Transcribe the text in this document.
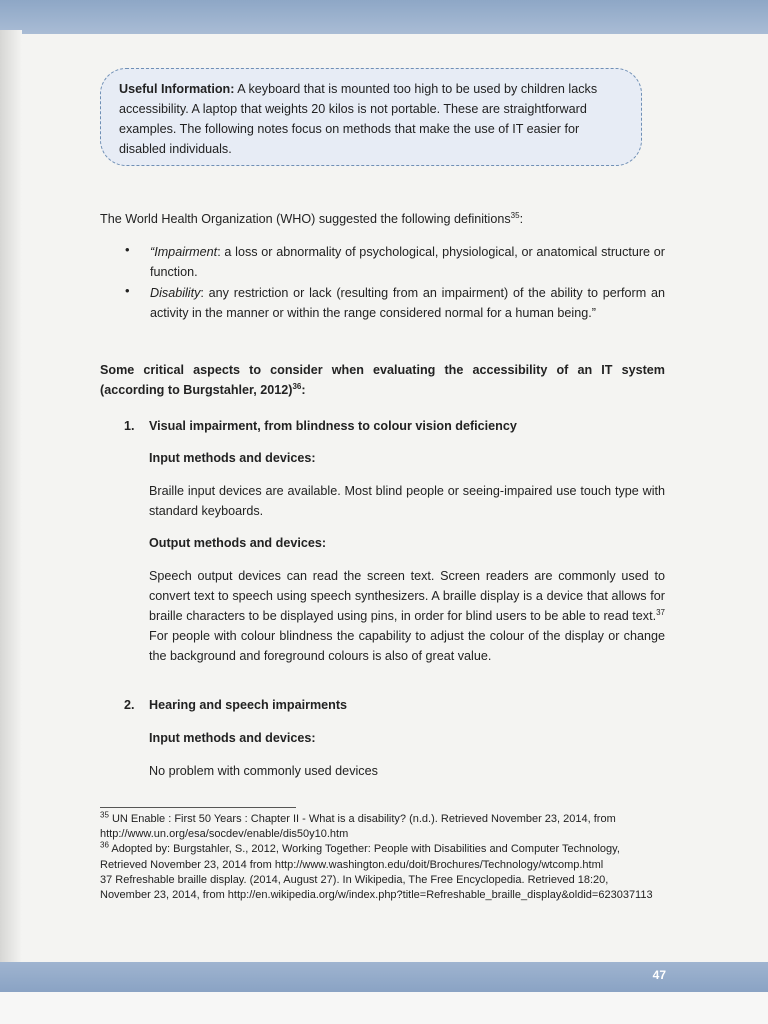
Useful Information: A keyboard that is mounted too high to be used by children lacks accessibility. A laptop that weights 20 kilos is not portable. These are straightforward examples. The following notes focus on methods that make the use of IT easier for disabled individuals.
The World Health Organization (WHO) suggested the following definitions$^{35}$:
• “Impairment: a loss or abnormality of psychological, physiological, or anatomical structure or function.
• Disability: any restriction or lack (resulting from an impairment) of the ability to perform an activity in the manner or within the range considered normal for a human being.”
Some critical aspects to consider when evaluating the accessibility of an IT system (according to Burgstahler, 2012)$^{36}$:
1. Visual impairment, from blindness to colour vision deficiency
Input methods and devices:
Braille input devices are available. Most blind people or seeing-impaired use touch type with standard keyboards.
Output methods and devices:
Speech output devices can read the screen text. Screen readers are commonly used to convert text to speech using speech synthesizers. A braille display is a device that allows for braille characters to be displayed using pins, in order for blind users to be able to read text.$^{37}$ For people with colour blindness the capability to adjust the colour of the display or change the background and foreground colours is also of great value.
2. Hearing and speech impairments
Input methods and devices:
No problem with commonly used devices
$^{35}$ UN Enable : First 50 Years : Chapter II - What is a disability? (n.d.). Retrieved November 23, 2014, from http://www.un.org/esa/socdev/enable/dis50y10.htm
$^{36}$ Adopted by: Burgstahler, S., 2012, Working Together: People with Disabilities and Computer Technology, Retrieved November 23, 2014 from http://www.washington.edu/doit/Brochures/Technology/wtcomp.html
37 Refreshable braille display. (2014, August 27). In Wikipedia, The Free Encyclopedia. Retrieved 18:20, November 23, 2014, from http://en.wikipedia.org/w/index.php?title=Refreshable_braille_display&oldid=623037113
47
